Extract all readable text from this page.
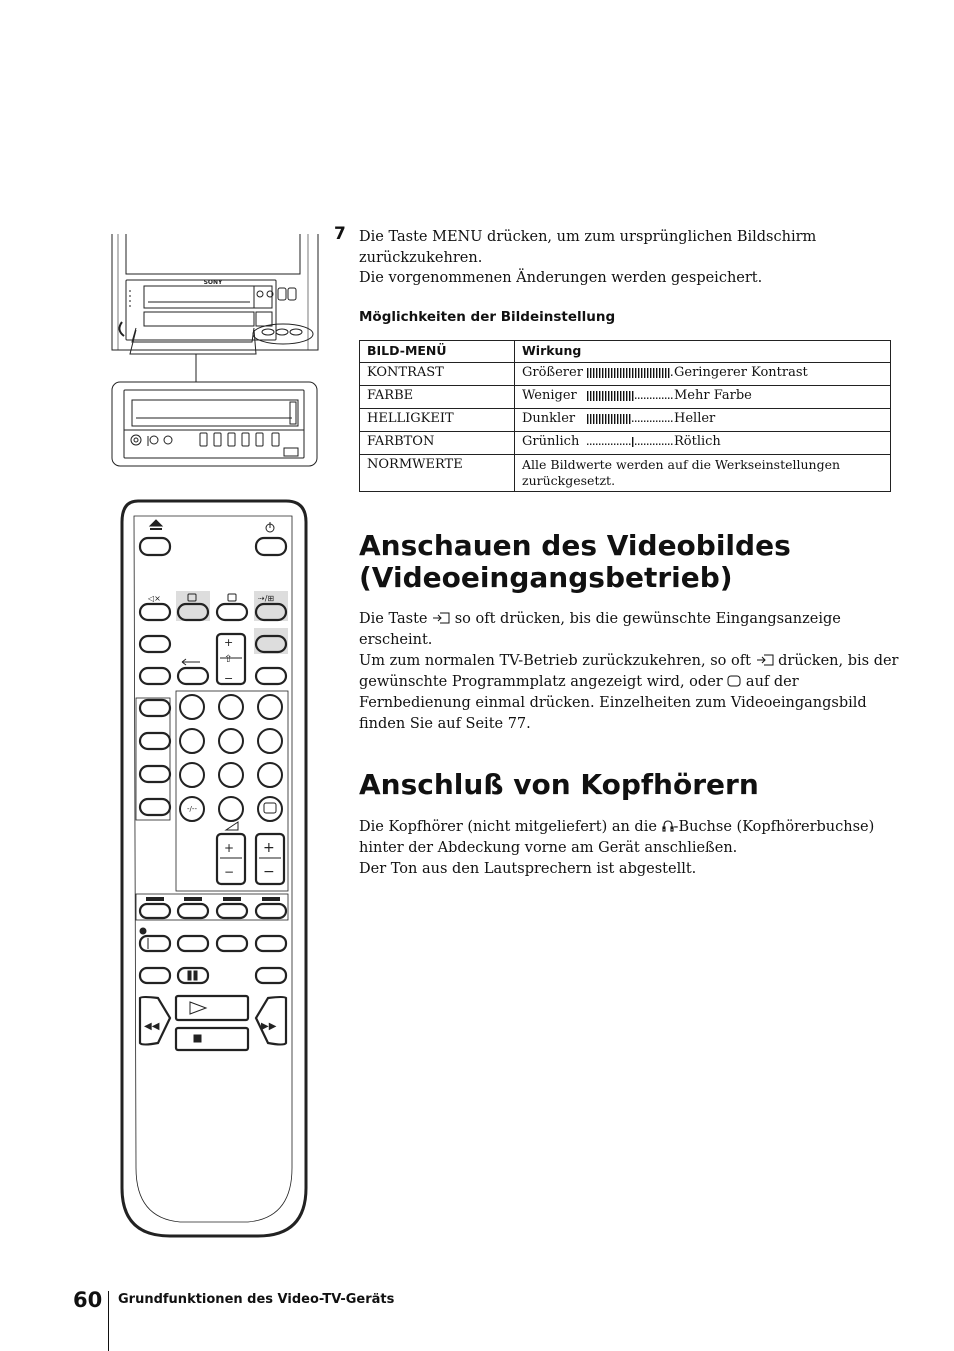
SONY
◁×	⇢/⊞
+
⇧
−
+
−
+
−
◀◀	▶▶
-/--
7 Die Taste MENU drücken, um zum ursprünglichen Bildschirm zurückzukehren.

Die vorgenommenen Änderungen werden gespeichert.

Möglichkeiten der Bildeinstellung
BILD-MENÜ	Wirkung
KONTRAST	Größerer Geringerer Kontrast

FARBE	Weniger Mehr Farbe

HELLIGKEIT	Dunkler Heller

FARBTON	Grünlich Rötlich

NORMWERTE	Alle Bildwerte werden auf die Werkseinstellungen zurückgesetzt.
Anschauen des Videobildes (Videoeingangsbetrieb)

Die Taste  so oft drücken, bis die gewünschte Eingangsanzeige erscheint.

Um zum normalen TV-Betrieb zurückzukehren, so oft  drücken, bis der gewünschte Programmplatz angezeigt wird, oder  auf der Fernbedienung einmal drücken. Einzelheiten zum Videoeingangsbild finden Sie auf Seite 77.

Anschluß von Kopfhörern

Die Kopfhörer (nicht mitgeliefert) an die -Buchse (Kopfhörerbuchse) hinter der Abdeckung vorne am Gerät anschließen.

Der Ton aus den Lautsprechern ist abgestellt.

60 Grundfunktionen des Video-TV-Geräts
